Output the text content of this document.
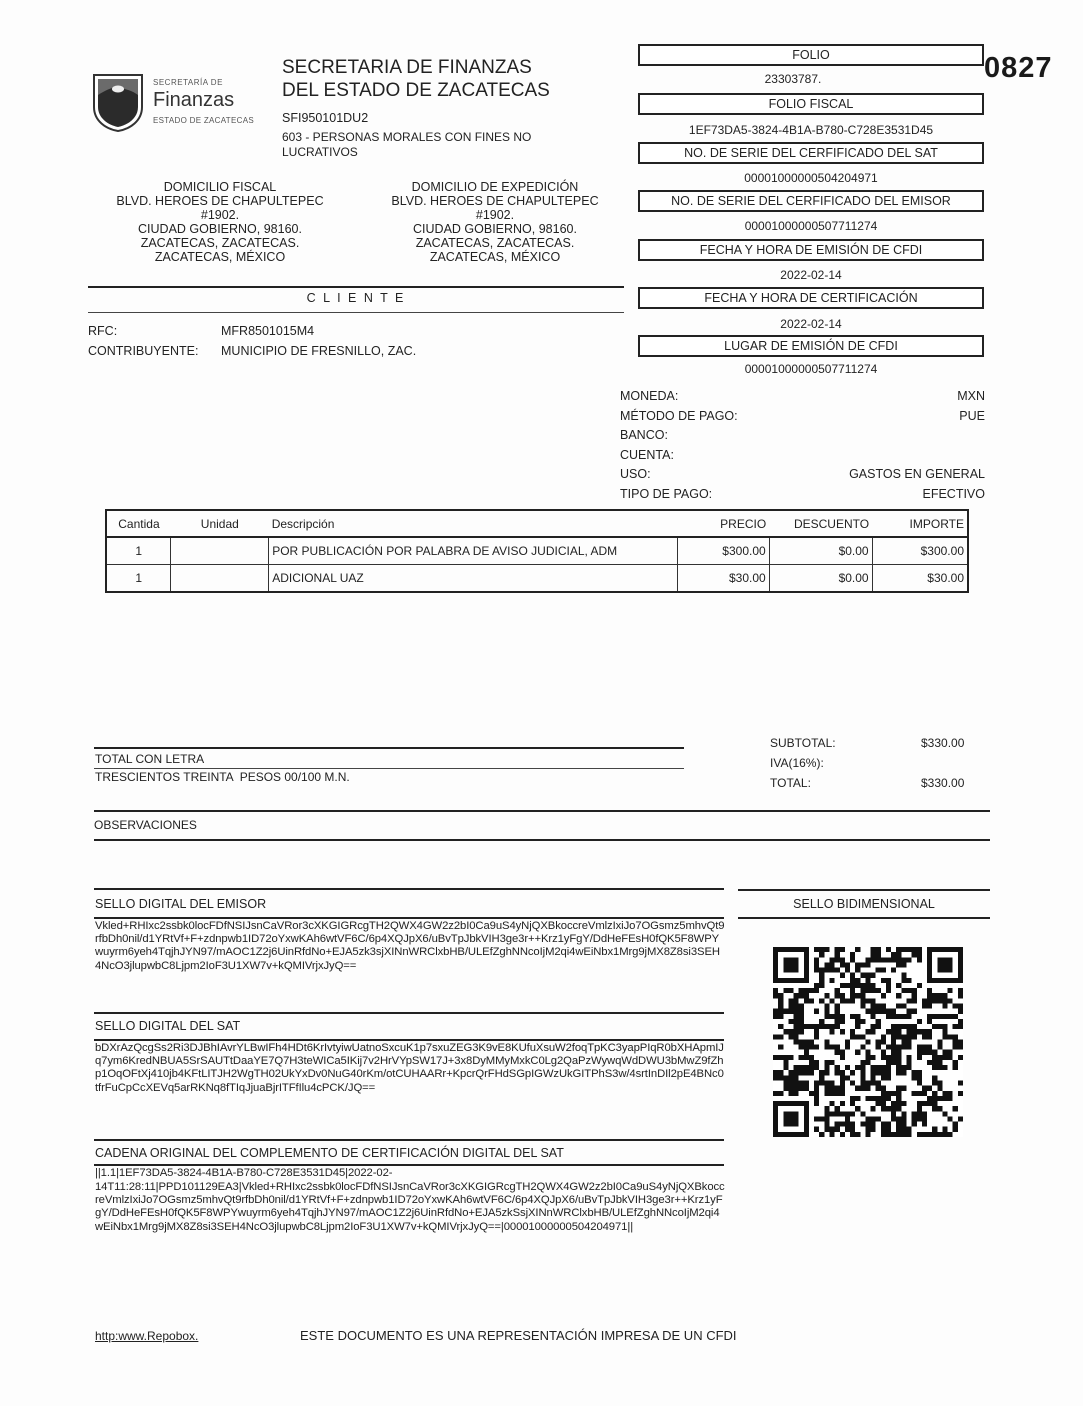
SECRETARÍA DE
Finanzas
ESTADO DE ZACATECAS
SECRETARIA DE FINANZAS
DEL ESTADO DE ZACATECAS
SFI950101DU2
603 - PERSONAS MORALES CON FINES NO
LUCRATIVOS
DOMICILIO FISCAL
BLVD. HEROES DE CHAPULTEPEC
#1902.
CIUDAD GOBIERNO, 98160.
ZACATECAS, ZACATECAS.
ZACATECAS, MÉXICO
DOMICILIO DE EXPEDICIÓN
BLVD. HEROES DE CHAPULTEPEC
#1902.
CIUDAD GOBIERNO, 98160.
ZACATECAS, ZACATECAS.
ZACATECAS, MÉXICO
C L I E N T E
RFC:	MFR8501015M4
CONTRIBUYENTE: MUNICIPIO DE FRESNILLO, ZAC.
FOLIO
23303787.	0827
FOLIO FISCAL
1EF73DA5-3824-4B1A-B780-C728E3531D45
NO. DE SERIE DEL CERFIFICADO DEL SAT
00001000000504204971
NO. DE SERIE DEL CERFIFICADO DEL EMISOR
00001000000507711274
FECHA Y HORA DE EMISIÓN DE CFDI
2022-02-14
FECHA Y HORA DE CERTIFICACIÓN
2022-02-14
LUGAR DE EMISIÓN DE CFDI
00001000000507711274
MONEDA:	MXN
MÉTODO DE PAGO:	PUE
BANCO:
CUENTA:
USO:	GASTOS EN GENERAL
TIPO DE PAGO:	EFECTIVO
Cantida	Unidad	Descripción	PRECIO	DESCUENTO	IMPORTE
1		POR PUBLICACIÓN POR PALABRA DE AVISO JUDICIAL, ADM	$300.00	$0.00	$300.00
1		ADICIONAL UAZ	$30.00	$0.00	$30.00
TOTAL CON LETRA
TRESCIENTOS TREINTA  PESOS 00/100 M.N.
SUBTOTAL:	$330.00
IVA(16%):
TOTAL:	$330.00
OBSERVACIONES
SELLO DIGITAL DEL EMISOR
Vkled+RHIxc2ssbk0locFDfNSIJsnCaVRor3cXKGIGRcgTH2QWX4GW2z2bI0Ca9uS4yNjQXBkoccreVmlzIxiJo7OGsmz5mhvQt9rfbDh0nil/d1YRtVf+F+zdnpwb1ID72oYxwKAh6wtVF6C/6p4XQJpX6/uBvTpJbkVIH3ge3r++Krz1yFgY/DdHeFEsH0fQK5F8WPYwuyrm6yeh4TqjhJYN97/mAOC1Z2j6UinRfdNo+EJA5zk3sjXINnWRClxbHB/ULEfZghNNcoIjM2qi4wEiNbx1Mrg9jMX8Z8si3SEH4NcO3jlupwbC8Ljpm2IoF3U1XW7v+kQMIVrjxJyQ==
SELLO DIGITAL DEL SAT
bDXrAzQcgSs2Ri3DJBhIAvrYLBwIFh4HDt6KrIvtyiwUatnoSxcuK1p7sxuZEG3K9vE8KUfuXsuW2foqTpKC3yapPIqR0bXHApmIJq7ym6KredNBUA5SrSAUTtDaaYE7Q7H3teWICa5IKij7v2HrVYpSW17J+3x8DyMMyMxkC0Lg2QaPzWywqWdDWU3bMwZ9fZhp1OqOFtXj410jb4KFtLITJH2WgTH02UkYxDv0NuG40rKm/otCUHAARr+KpcrQrFHdSGpIGWzUkGITPhS3w/4srtInDIl2pE4BNc0tfrFuCpCcXEVq5arRKNq8fTIqJjuaBjrITFfIlu4cPCK/JQ==
CADENA ORIGINAL DEL COMPLEMENTO DE CERTIFICACIÓN DIGITAL DEL SAT
||1.1|1EF73DA5-3824-4B1A-B780-C728E3531D45|2022-02-
14T11:28:11|PPD101129EA3|Vkled+RHIxc2ssbk0locFDfNSIJsnCaVRor3cXKGIGRcgTH2QWX4GW2z2bI0Ca9uS4yNjQXBkoccreVmlzIxiJo7OGsmz5mhvQt9rfbDh0nil/d1YRtVf+F+zdnpwb1ID72oYxwKAh6wtVF6C/6p4XQJpX6/uBvTpJbkVIH3ge3r++Krz1yFgY/DdHeFEsH0fQK5F8WPYwuyrm6yeh4TqjhJYN97/mAOC1Z2j6UinRfdNo+EJA5zkSsjXINnWRClxbHB/ULEfZghNNcoIjM2qi4wEiNbx1Mrg9jMX8Z8si3SEH4NcO3jlupwbC8Ljpm2IoF3U1XW7v+kQMIVrjxJyQ==|00001000000504204971||
SELLO BIDIMENSIONAL
http:www.Repobox.	ESTE DOCUMENTO ES UNA REPRESENTACIÓN IMPRESA DE UN CFDI
